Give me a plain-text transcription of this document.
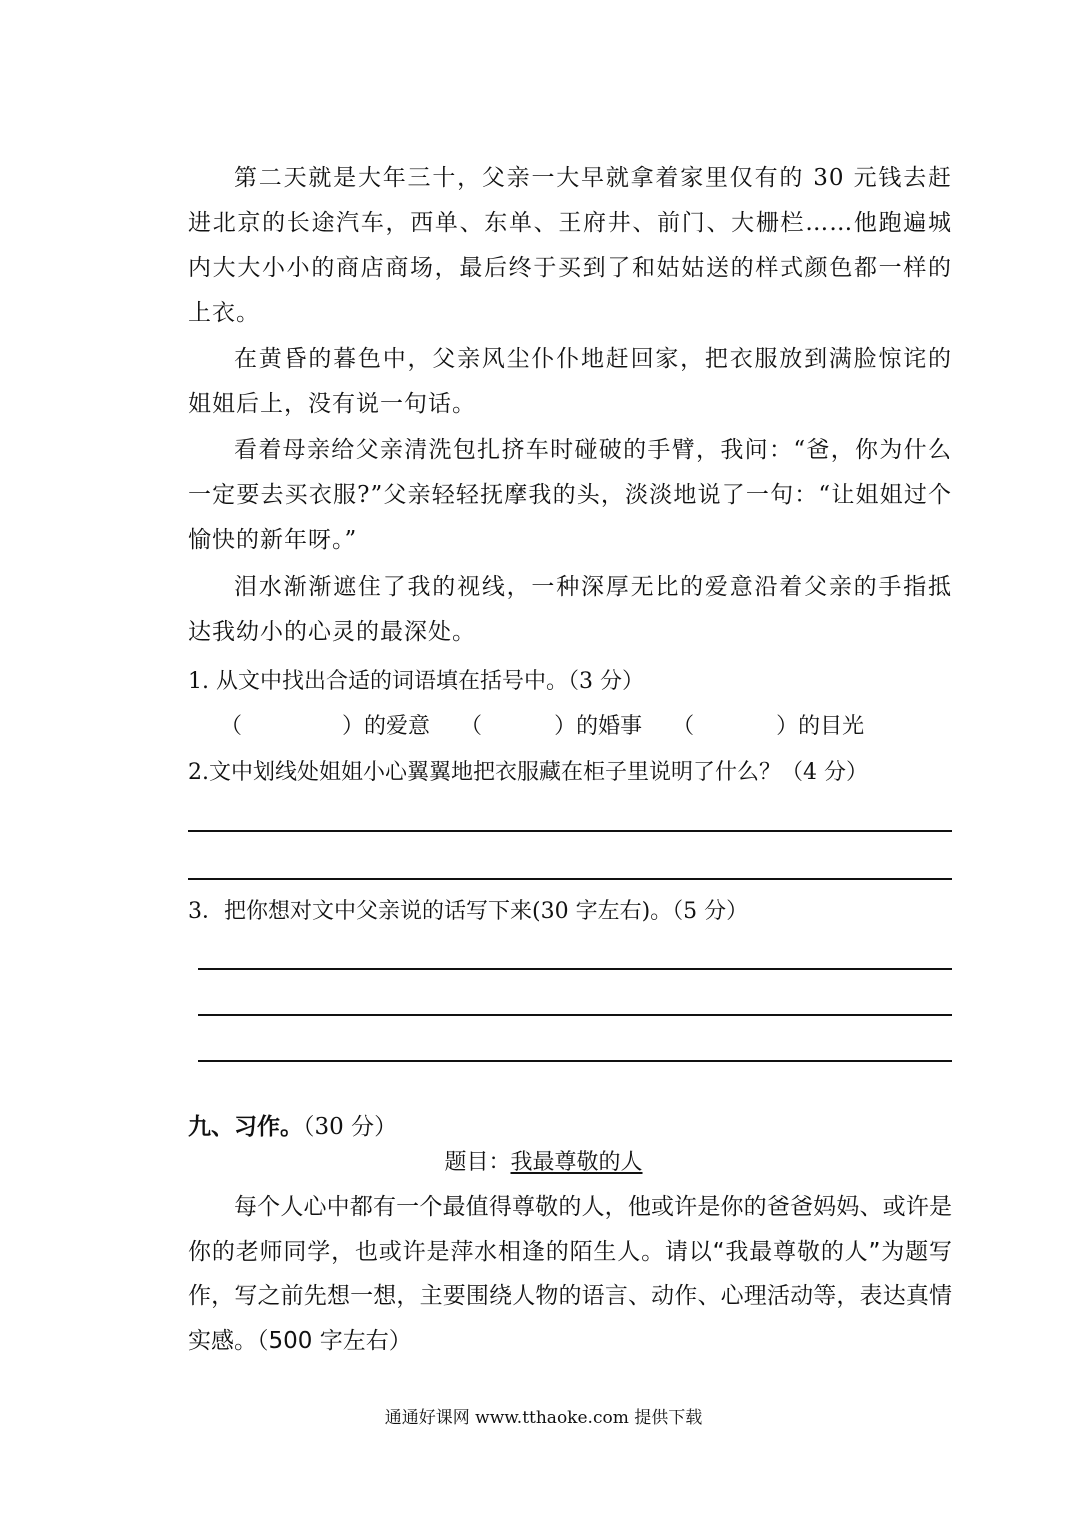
第二天就是大年三十，父亲一大早就拿着家里仅有的 30 元钱去赶进北京的长途汽车，西单、东单、王府井、前门、大栅栏……他跑遍城内大大小小的商店商场，最后终于买到了和姑姑送的样式颜色都一样的上衣。

在黄昏的暮色中，父亲风尘仆仆地赶回家，把衣服放到满脸惊诧的姐姐后上，没有说一句话。

看着母亲给父亲清洗包扎挤车时碰破的手臂，我问：“爸，你为什么一定要去买衣服?”父亲轻轻抚摩我的头，淡淡地说了一句：“让姐姐过个愉快的新年呀。”

泪水渐渐遮住了我的视线，一种深厚无比的爱意沿着父亲的手指抵达我幼小的心灵的最深处。

1. 从文中找出合适的词语填在括号中。（3 分）

（	） 的爱意 （	） 的婚事 （	） 的目光

2.文中划线处姐姐小心翼翼地把衣服藏在柜子里说明了什么？（4 分）

3．把你想对文中父亲说的话写下来(30 字左右)。（5 分）

九、习作。（30 分）
题目：我最尊敬的人

每个人心中都有一个最值得尊敬的人，他或许是你的爸爸妈妈、或许是你的老师同学，也或许是萍水相逢的陌生人。请以“我最尊敬的人”为题写作，写之前先想一想，主要围绕人物的语言、动作、心理活动等，表达真情实感。（500 字左右）

通通好课网 www.tthaoke.com 提供下载
